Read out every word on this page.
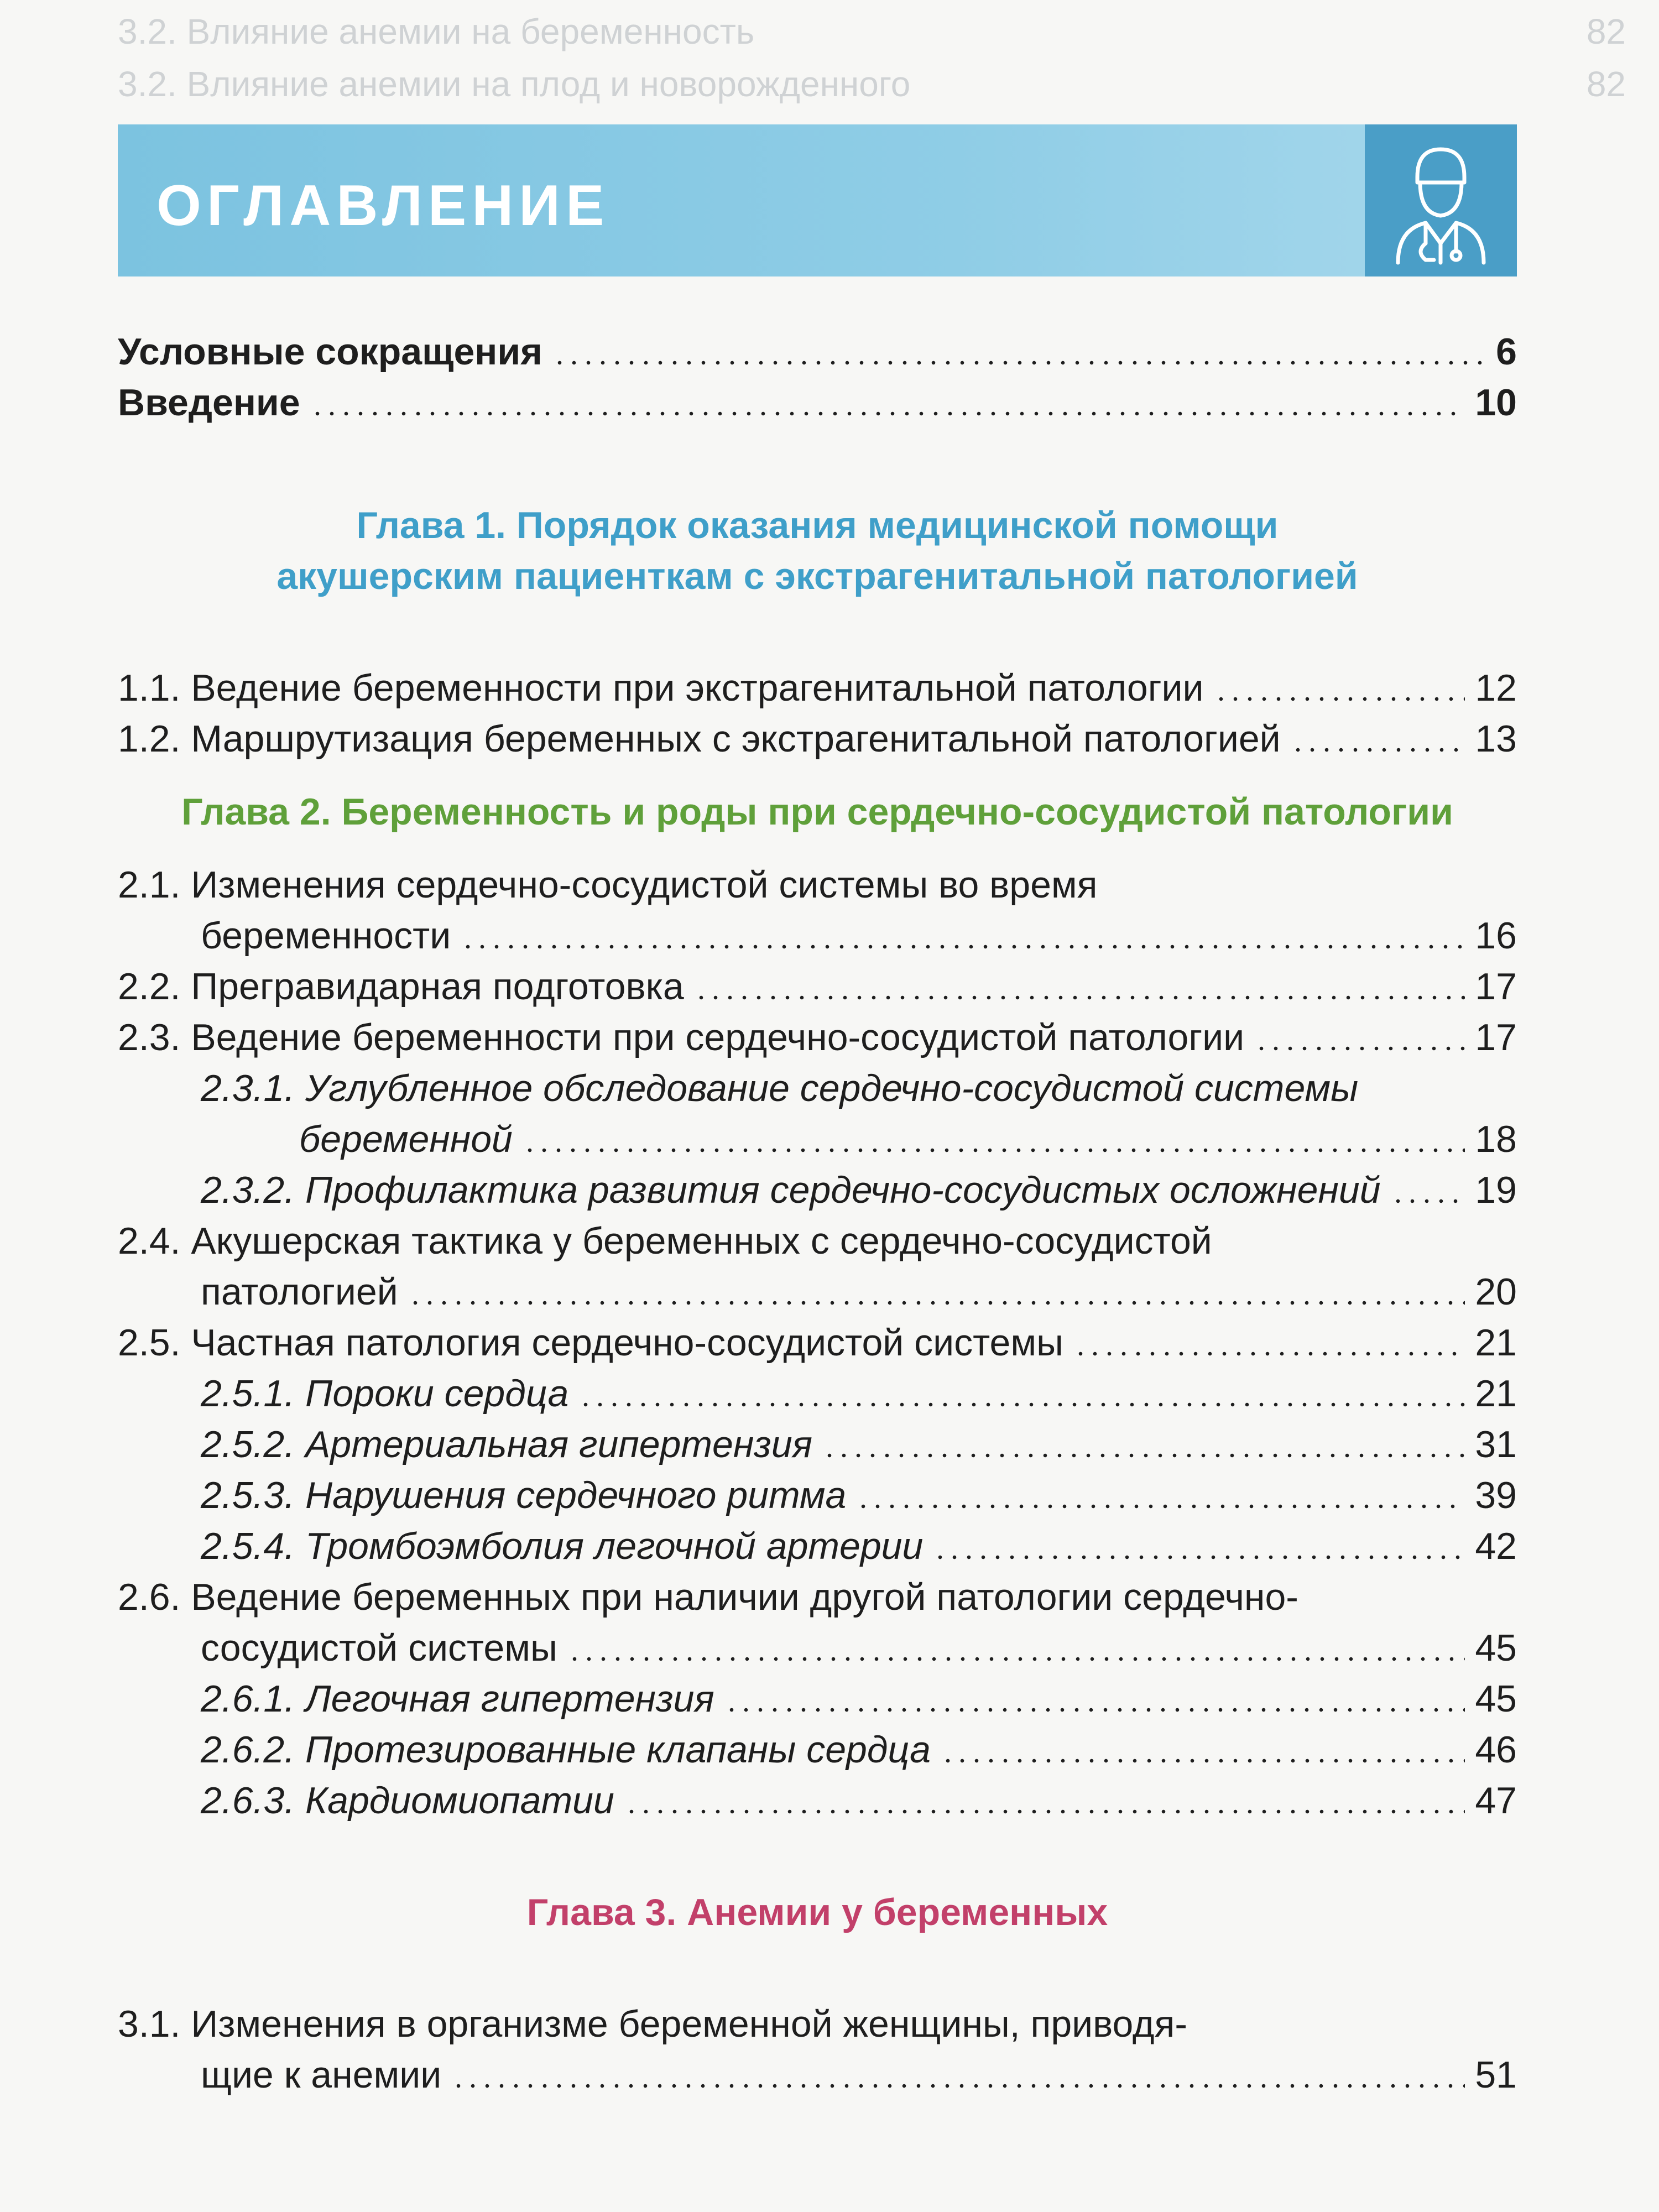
3.2. Влияние анемии на беременность	82
3.2. Влияние анемии на плод и новорожденного	82
ОГЛАВЛЕНИЕ
Условные сокращения	6
Введение	10
Глава 1. Порядок оказания медицинской помощи
акушерским пациенткам с экстрагенитальной патологией
1.1. Ведение беременности при экстрагенитальной патологии	12
1.2. Маршрутизация беременных с экстрагенитальной патологией	13
Глава 2. Беременность и роды при сердечно-сосудистой патологии
2.1. Изменения сердечно-сосудистой системы во время
беременности	16
2.2. Прегравидарная подготовка	17
2.3. Ведение беременности при сердечно-сосудистой патологии	17
2.3.1. Углубленное обследование сердечно-сосудистой системы
беременной	18
2.3.2. Профилактика развития сердечно-сосудистых осложнений	19
2.4. Акушерская тактика у беременных с сердечно-сосудистой
патологией	20
2.5. Частная патология сердечно-сосудистой системы	21
2.5.1. Пороки сердца	21
2.5.2. Артериальная гипертензия	31
2.5.3. Нарушения сердечного ритма	39
2.5.4. Тромбоэмболия легочной артерии	42
2.6. Ведение беременных при наличии другой патологии сердечно-
сосудистой системы	45
2.6.1. Легочная гипертензия	45
2.6.2. Протезированные клапаны сердца	46
2.6.3. Кардиомиопатии	47
Глава 3. Анемии у беременных
3.1. Изменения в организме беременной женщины, приводя-
щие к анемии	51
